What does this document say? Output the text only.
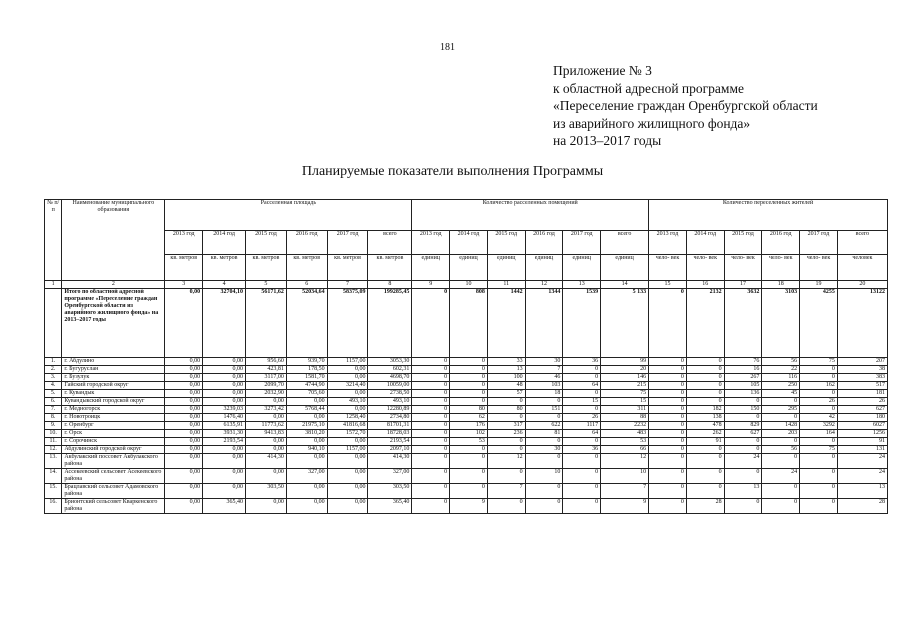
181
Приложение № 3
к областной адресной программе
«Переселение граждан Оренбургской области
из аварийного жилищного фонда»
на 2013–2017 годы
Планируемые показатели выполнения Программы
№ п/п	Наименование муниципального образования	Расселенная площадь						Количество расселенных помещений						Количество переселенных жителей					
		2013 год	2014 год	2015 год	2016 год	2017 год	всего	2013 год	2014 год	2015 год	2016 год	2017 год	всего	2013 год	2014 год	2015 год	2016 год	2017 год	всего
		кв. метров	кв. метров	кв. метров	кв. метров	кв. метров	кв. метров	единиц	единиц	единиц	единиц	единиц	единиц	чело- век	чело- век	чело- век	чело- век	чело- век	человек
1	2	3	4	5	6	7	8	9	10	11	12	13	14	15	16	17	18	19	20
	Итого по областной адресной программе «Переселение граждан Оренбургской области из аварийного жилищного фонда» на 2013–2017 годы	0,00	32704,10	56171,62	52034,64	58375,09	199285,45	0	808	1442	1344	1539	5 133	0	2132	3632	3103	4255	13122
1.	г. Абдулино	0,00	0,00	956,60	939,70	1157,00	3053,30	0	0	33	30	36	99	0	0	76	56	75	207
2.	г. Бугуруслан	0,00	0,00	423,81	178,50	0,00	602,31	0	0	13	7	0	20	0	0	16	22	0	38
3.	г. Бузулук	0,00	0,00	3117,00	1581,70	0,00	4698,70	0	0	100	46	0	146	0	0	267	116	0	383
4.	Гайский городской округ	0,00	0,00	2099,70	4744,90	3214,40	10059,00	0	0	48	103	64	215	0	0	105	250	162	517
5.	г. Кувандык	0,00	0,00	2032,90	705,60	0,00	2738,50	0	0	57	18	0	75	0	0	136	45	0	181
6.	Кувандыкский городской округ	0,00	0,00	0,00	0,00	493,10	493,10	0	0	0	0	15	15	0	0	0	0	26	26
7.	г. Медногорск	0,00	3239,03	3273,42	5768,44	0,00	12280,89	0	80	80	151	0	311	0	182	150	295	0	627
8.	г. Новотроицк	0,00	1476,40	0,00	0,00	1258,40	2734,80	0	62	0	0	26	88	0	138	0	0	42	180
9.	г. Оренбург	0,00	6135,91	11773,62	21975,10	41816,68	81701,31	0	176	317	622	1117	2232	0	478	829	1428	3292	6027
10.	г. Орск	0,00	3931,30	9413,83	3810,20	1572,70	18728,03	0	102	236	81	64	483	0	262	627	203	164	1256
11.	г. Сорочинск	0,00	2193,54	0,00	0,00	0,00	2193,54	0	53	0	0	0	53	0	91	0	0	0	91
12.	Абдулинский городской округ	0,00	0,00	0,00	940,10	1157,00	2097,10	0	0	0	30	36	66	0	0	0	56	75	131
13.	Акбулакский поссовет Акбулакского района	0,00	0,00	414,30	0,00	0,00	414,30	0	0	12	0	0	12	0	0	24	0	0	24
14.	Ассекеевский сельсовет Асекеевского района	0,00	0,00	0,00	327,00	0,00	327,00	0	0	0	10	0	10	0	0	0	24	0	24
15.	Брацлавский сельсовет Адамовского района	0,00	0,00	303,50	0,00	0,00	303,50	0	0	7	0	0	7	0	0	13	0	0	13
16.	Брионтский сельсовет Кваркенского района	0,00	365,40	0,00	0,00	0,00	365,40	0	9	0	0	0	9	0	28	0	0	0	28
